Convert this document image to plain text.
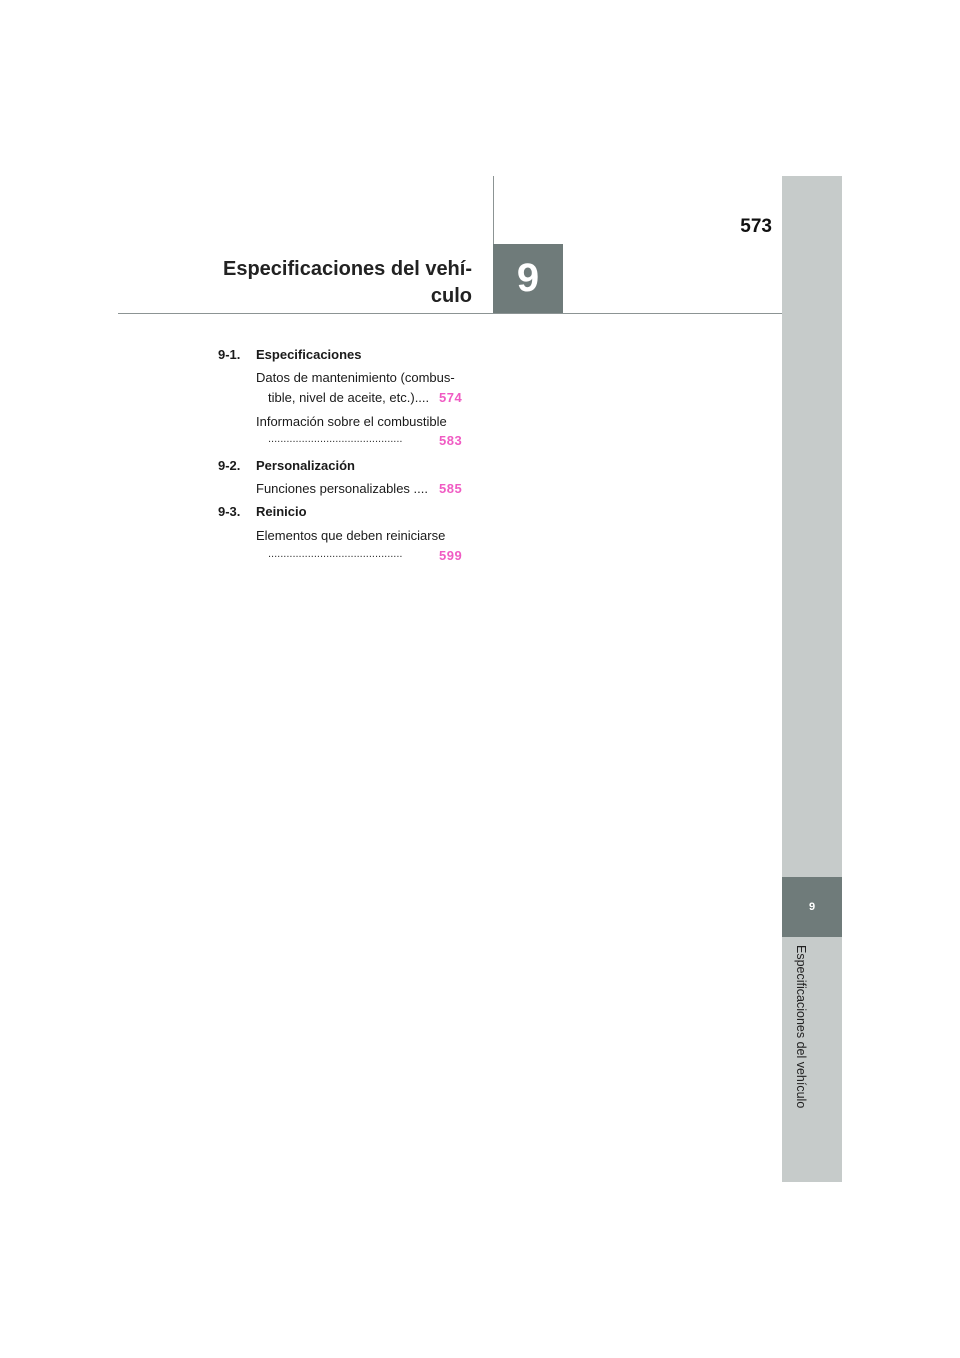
9
Especificaciones del vehículo
573
9
Especificaciones del vehí-
culo
9-1. Especificaciones
Datos de mantenimiento (combus-
tible, nivel de aceite, etc.).... 574
Información sobre el combustible
............................................	583
9-2. Personalización
Funciones personalizables .... 585
9-3. Reinicio
Elementos que deben reiniciarse
............................................	599
